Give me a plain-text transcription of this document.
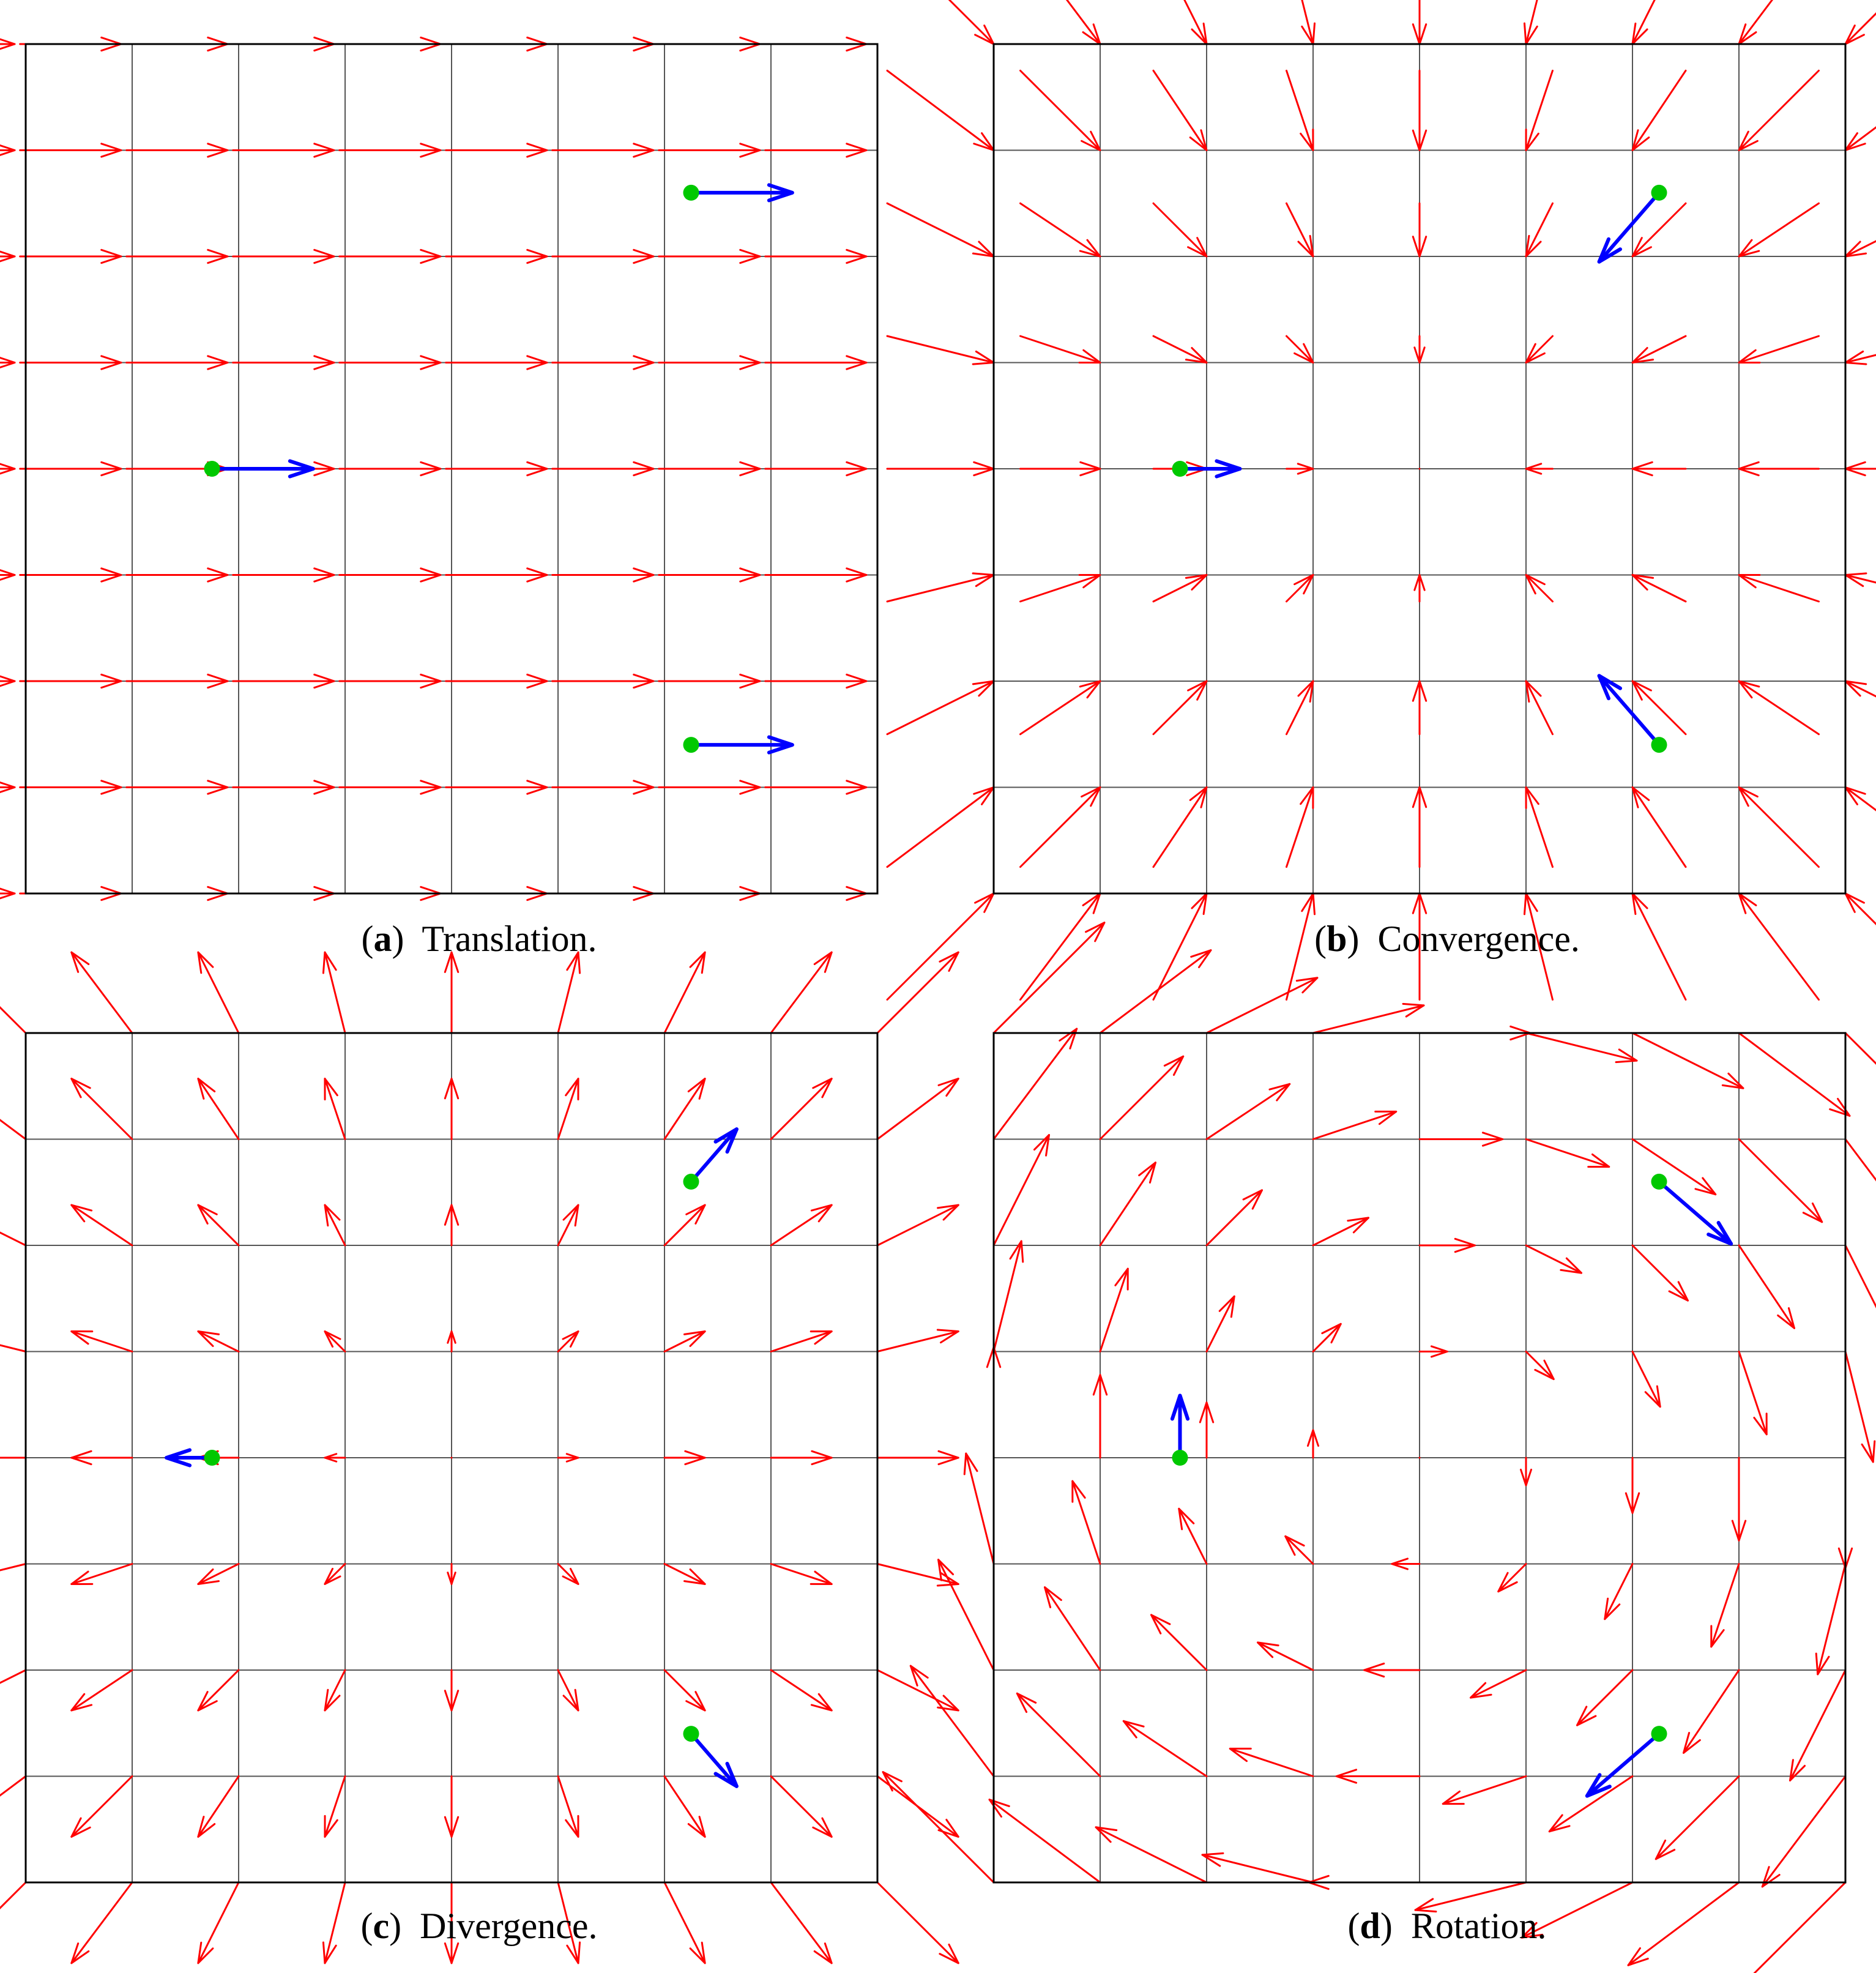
(a)  Translation.	(b)  Convergence.
(c)  Divergence.	(d)  Rotation.
